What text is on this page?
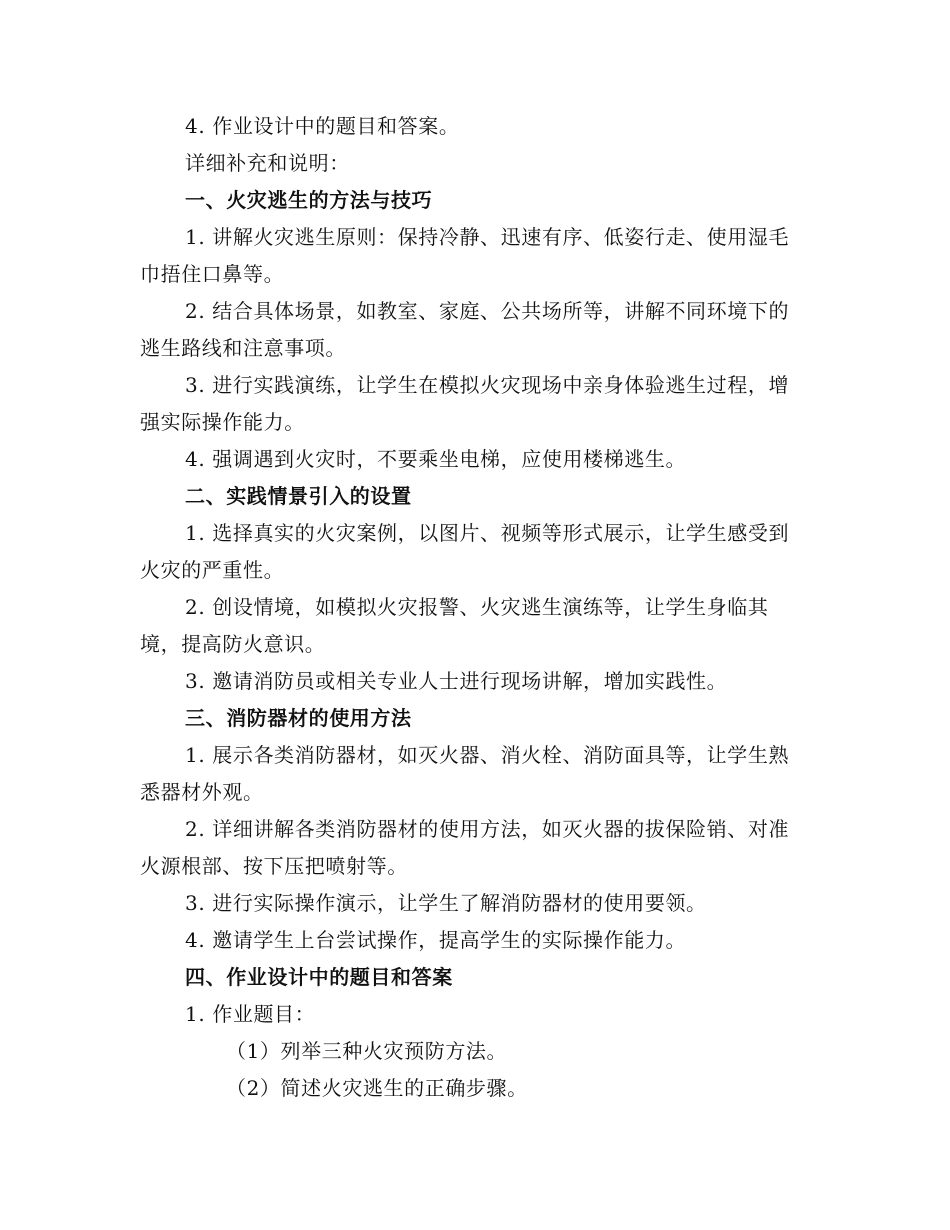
4. 作业设计中的题目和答案。
详细补充和说明：
一、火灾逃生的方法与技巧
1. 讲解火灾逃生原则：保持冷静、迅速有序、低姿行走、使用湿毛巾捂住口鼻等。
2. 结合具体场景，如教室、家庭、公共场所等，讲解不同环境下的逃生路线和注意事项。
3. 进行实践演练，让学生在模拟火灾现场中亲身体验逃生过程，增强实际操作能力。
4. 强调遇到火灾时，不要乘坐电梯，应使用楼梯逃生。
二、实践情景引入的设置
1. 选择真实的火灾案例，以图片、视频等形式展示，让学生感受到火灾的严重性。
2. 创设情境，如模拟火灾报警、火灾逃生演练等，让学生身临其境，提高防火意识。
3. 邀请消防员或相关专业人士进行现场讲解，增加实践性。
三、消防器材的使用方法
1. 展示各类消防器材，如灭火器、消火栓、消防面具等，让学生熟悉器材外观。
2. 详细讲解各类消防器材的使用方法，如灭火器的拔保险销、对准火源根部、按下压把喷射等。
3. 进行实际操作演示，让学生了解消防器材的使用要领。
4. 邀请学生上台尝试操作，提高学生的实际操作能力。
四、作业设计中的题目和答案
1. 作业题目：
（1）列举三种火灾预防方法。
（2）简述火灾逃生的正确步骤。
